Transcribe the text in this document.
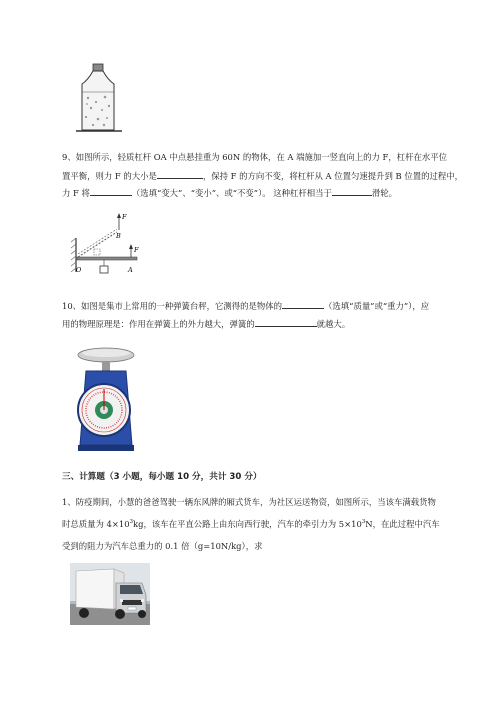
9、如图所示，轻质杠杆 OA 中点悬挂重为 60N 的物体，在 A 端施加一竖直向上的力 F，杠杆在水平位
置平衡，则力 F 的大小是	，保持 F 的方向不变，将杠杆从 A 位置匀速提升到 B 位置的过程中，
力 F 将	（选填“变大”、“变小”、或“不变”）。 这种杠杆相当于	滑轮。
F
B
O	A
F
10、如图是集市上常用的一种弹簧台秤，它测得的是物体的	（选填“质量”或“重力”），应
用的物理原理是：作用在弹簧上的外力越大，弹簧的	就越大。
三、计算题（3 小题，每小题 10 分，共计 30 分）
1、防疫期间，小慧的爸爸驾驶一辆东风牌的厢式货车，为社区运送物资，如图所示，当该车满载货物
时总质量为 $4\times 10^3kg$，该车在平直公路上由东向西行驶，汽车的牵引力为 $5\times 10^3N$，在此过程中汽车
受到的阻力为汽车总重力的 0.1 倍（g=10N/kg），求
